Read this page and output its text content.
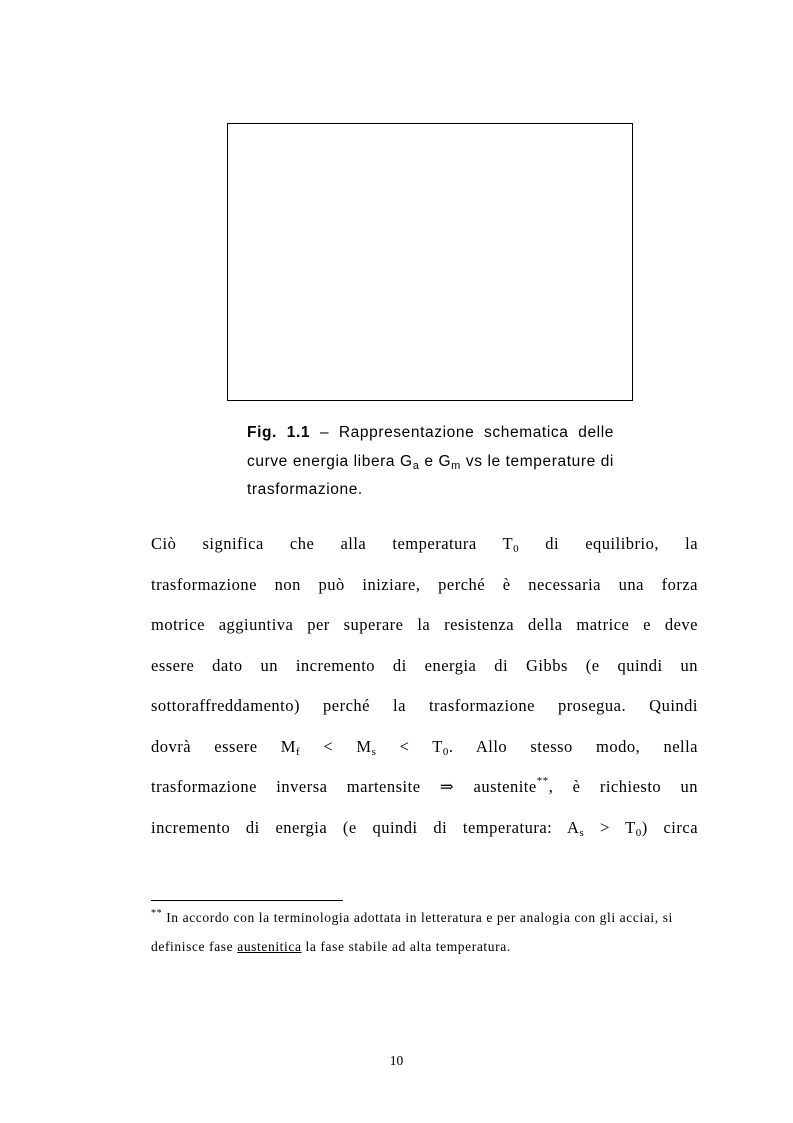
Fig. 1.1 – Rappresentazione schematica delle curve energia libera $G_a$ e $G_m$ vs le temperature di trasformazione.
Ciò significa che alla temperatura $T_0$ di equilibrio, la
trasformazione non può iniziare, perché è necessaria una forza
motrice aggiuntiva per superare la resistenza della matrice e deve
essere dato un incremento di energia di Gibbs (e quindi un
sottoraffreddamento) perché la trasformazione prosegua. Quindi
dovrà essere $M_f < M_s < T_0$. Allo stesso modo, nella
trasformazione inversa martensite ⇒ austenite**, è richiesto un
incremento di energia (e quindi di temperatura: $A_s > T_0$) circa
** In accordo con la terminologia adottata in letteratura e per analogia con gli acciai, si definisce fase austenitica la fase stabile ad alta temperatura.
10
